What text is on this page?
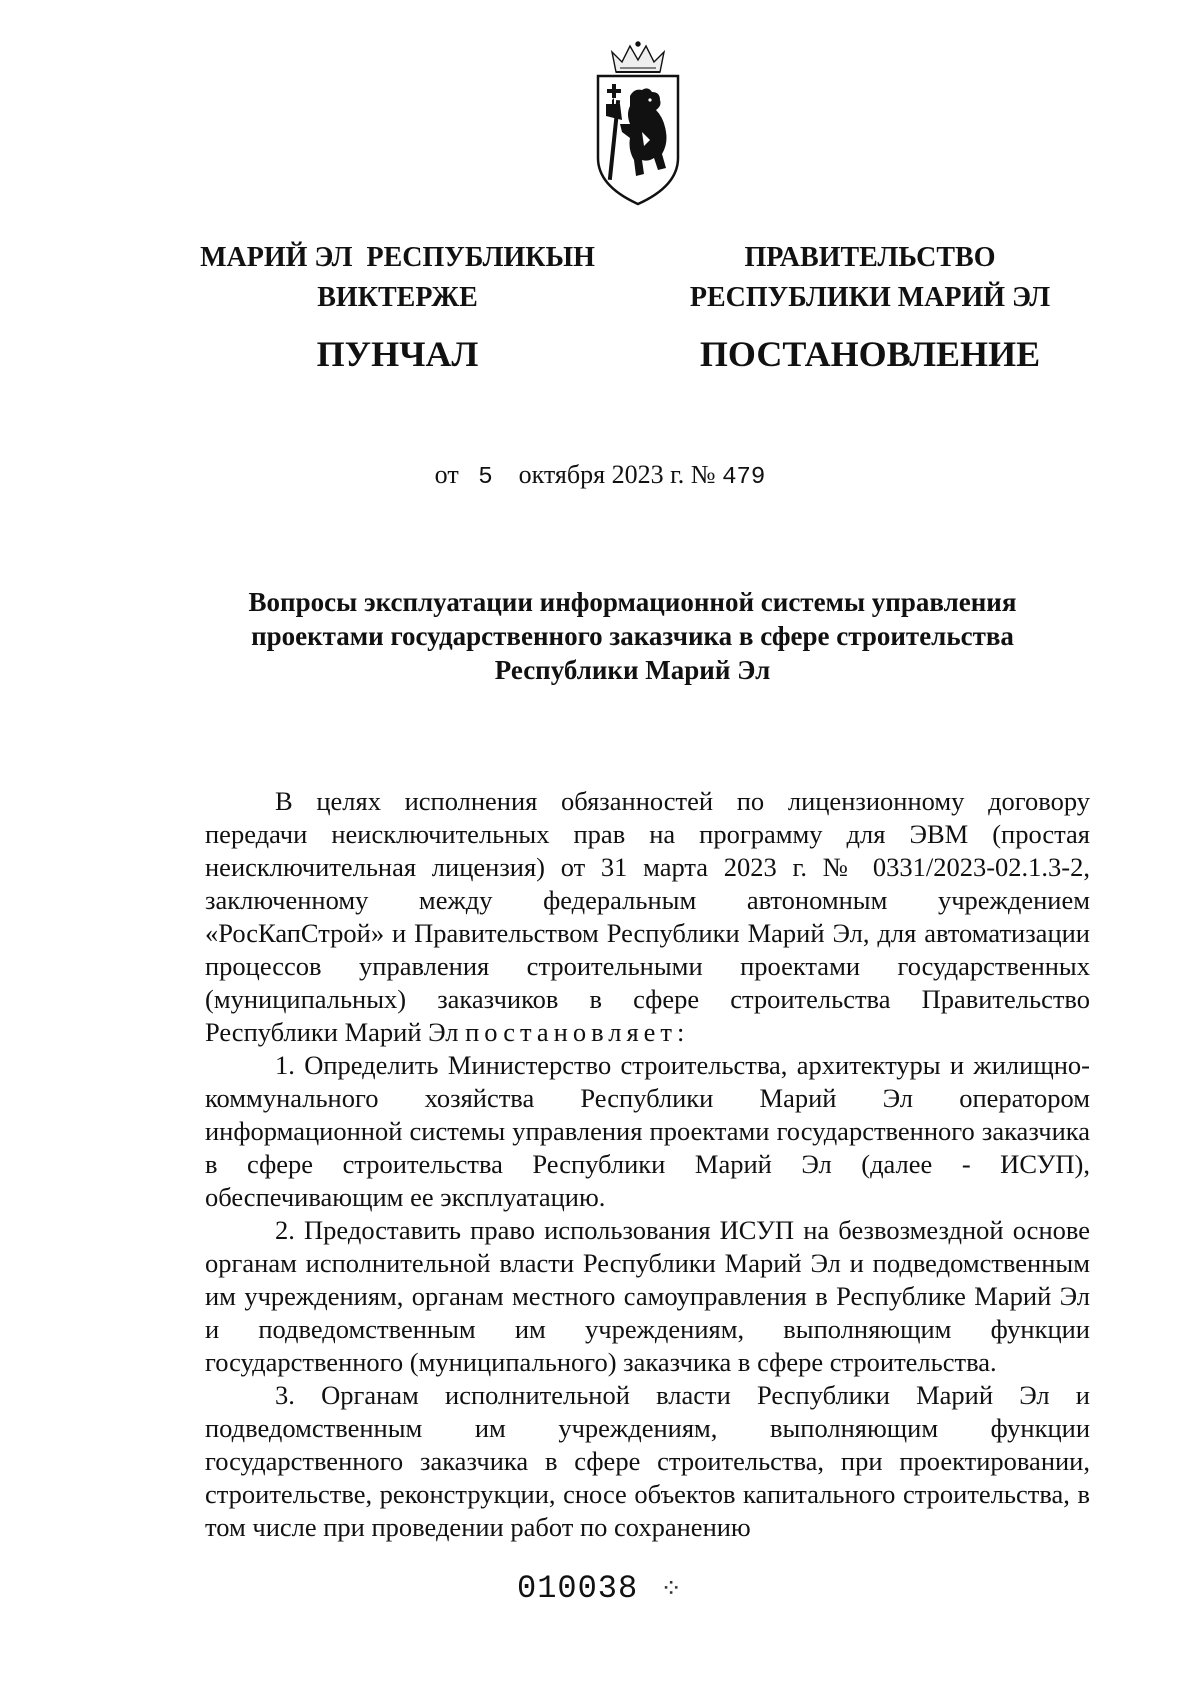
МАРИЙ ЭЛ  РЕСПУБЛИКЫН
ВИКТЕРЖЕ
ПУНЧАЛ
ПРАВИТЕЛЬСТВО
РЕСПУБЛИКИ МАРИЙ ЭЛ
ПОСТАНОВЛЕНИЕ
от 5 октября 2023 г. № 479
Вопросы эксплуатации информационной системы управления
проектами государственного заказчика в сфере строительства
Республики Марий Эл

В целях исполнения обязанностей по лицензионному договору передачи неисключительных прав на программу для ЭВМ (простая неисключительная лицензия) от 31 марта 2023 г. № 0331/2023-02.1.3-2, заключенному между федеральным автономным учреждением «РосКапСтрой» и Правительством Республики Марий Эл, для автоматизации процессов управления строительными проектами государственных (муниципальных) заказчиков в сфере строительства Правительство Республики Марий Эл постановляет:

1. Определить Министерство строительства, архитектуры и жилищно-коммунального хозяйства Республики Марий Эл оператором информационной системы управления проектами государственного заказчика в сфере строительства Республики Марий Эл (далее - ИСУП), обеспечивающим ее эксплуатацию.

2. Предоставить право использования ИСУП на безвозмездной основе органам исполнительной власти Республики Марий Эл и подведомственным им учреждениям, органам местного самоуправления в Республике Марий Эл и подведомственным им учреждениям, выполняющим функции государственного (муниципального) заказчика в сфере строительства.

3. Органам исполнительной власти Республики Марий Эл и подведомственным им учреждениям, выполняющим функции государственного заказчика в сфере строительства, при проектировании, строительстве, реконструкции, сносе объектов капитального строительства, в том числе при проведении работ по сохранению

010038 ⁘
